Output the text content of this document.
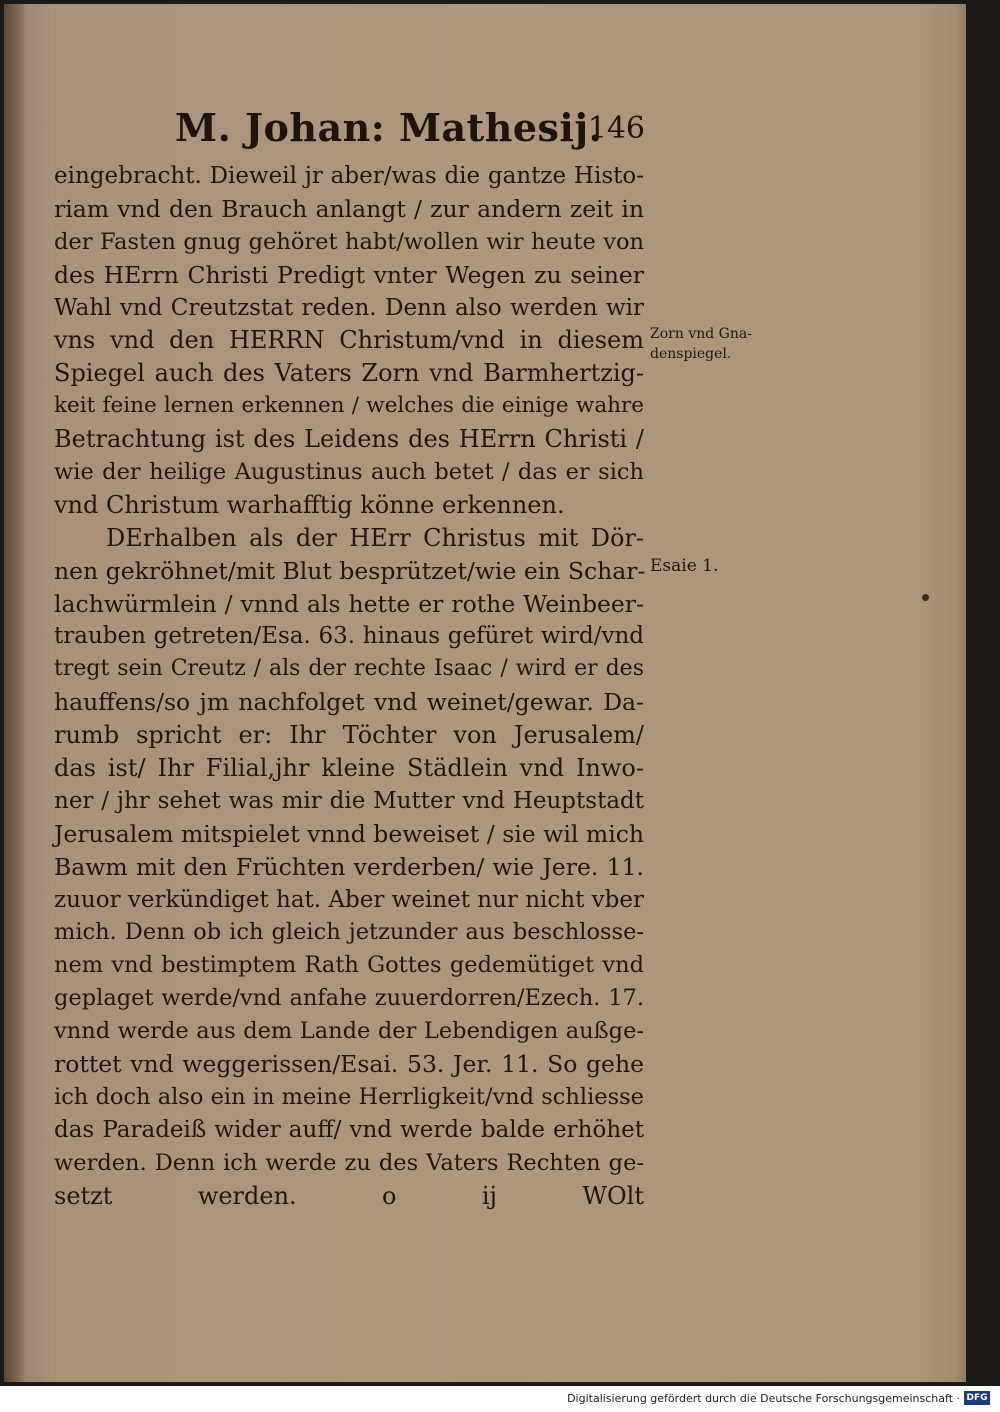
M. Johan: Mathesij.
146
eingebracht. Dieweil jr aber/was die gantze Histo-
riam vnd den Brauch anlangt / zur andern zeit in
der Fasten gnug gehöret habt/wollen wir heute von
des HErrn Christi Predigt vnter Wegen zu seiner
Wahl vnd Creutzstat reden. Denn also werden wir
vns vnd den HERRN Christum/vnd in diesem
Spiegel auch des Vaters Zorn vnd Barmhertzig-
keit feine lernen erkennen / welches die einige wahre
Betrachtung ist des Leidens des HErrn Christi /
wie der heilige Augustinus auch betet / das er sich
vnd Christum warhafftig könne erkennen.
DErhalben als der HErr Christus mit Dör-
nen gekröhnet/mit Blut besprützet/wie ein Schar-
lachwürmlein / vnnd als hette er rothe Weinbeer-
trauben getreten/Esa. 63. hinaus gefüret wird/vnd
tregt sein Creutz / als der rechte Isaac / wird er des
hauffens/so jm nachfolget vnd weinet/gewar. Da-
rumb spricht er: Ihr Töchter von Jerusalem/
das ist/ Ihr Filial,jhr kleine Städlein vnd Inwo-
ner / jhr sehet was mir die Mutter vnd Heuptstadt
Jerusalem mitspielet vnnd beweiset / sie wil mich
Bawm mit den Früchten verderben/ wie Jere. 11.
zuuor verkündiget hat. Aber weinet nur nicht vber
mich. Denn ob ich gleich jetzunder aus beschlosse-
nem vnd bestimptem Rath Gottes gedemütiget vnd
geplaget werde/vnd anfahe zuuerdorren/Ezech. 17.
vnnd werde aus dem Lande der Lebendigen außge-
rottet vnd weggerissen/Esai. 53. Jer. 11. So gehe
ich doch also ein in meine Herrligkeit/vnd schliesse
das Paradeiß wider auff/ vnd werde balde erhöhet
werden. Denn ich werde zu des Vaters Rechten ge-
setzt werden. o ij WOlt
Zorn vnd Gna-
denspiegel.
Esaie 1.
Digitalisierung gefördert durch die Deutsche Forschungsgemeinschaft · DFG
